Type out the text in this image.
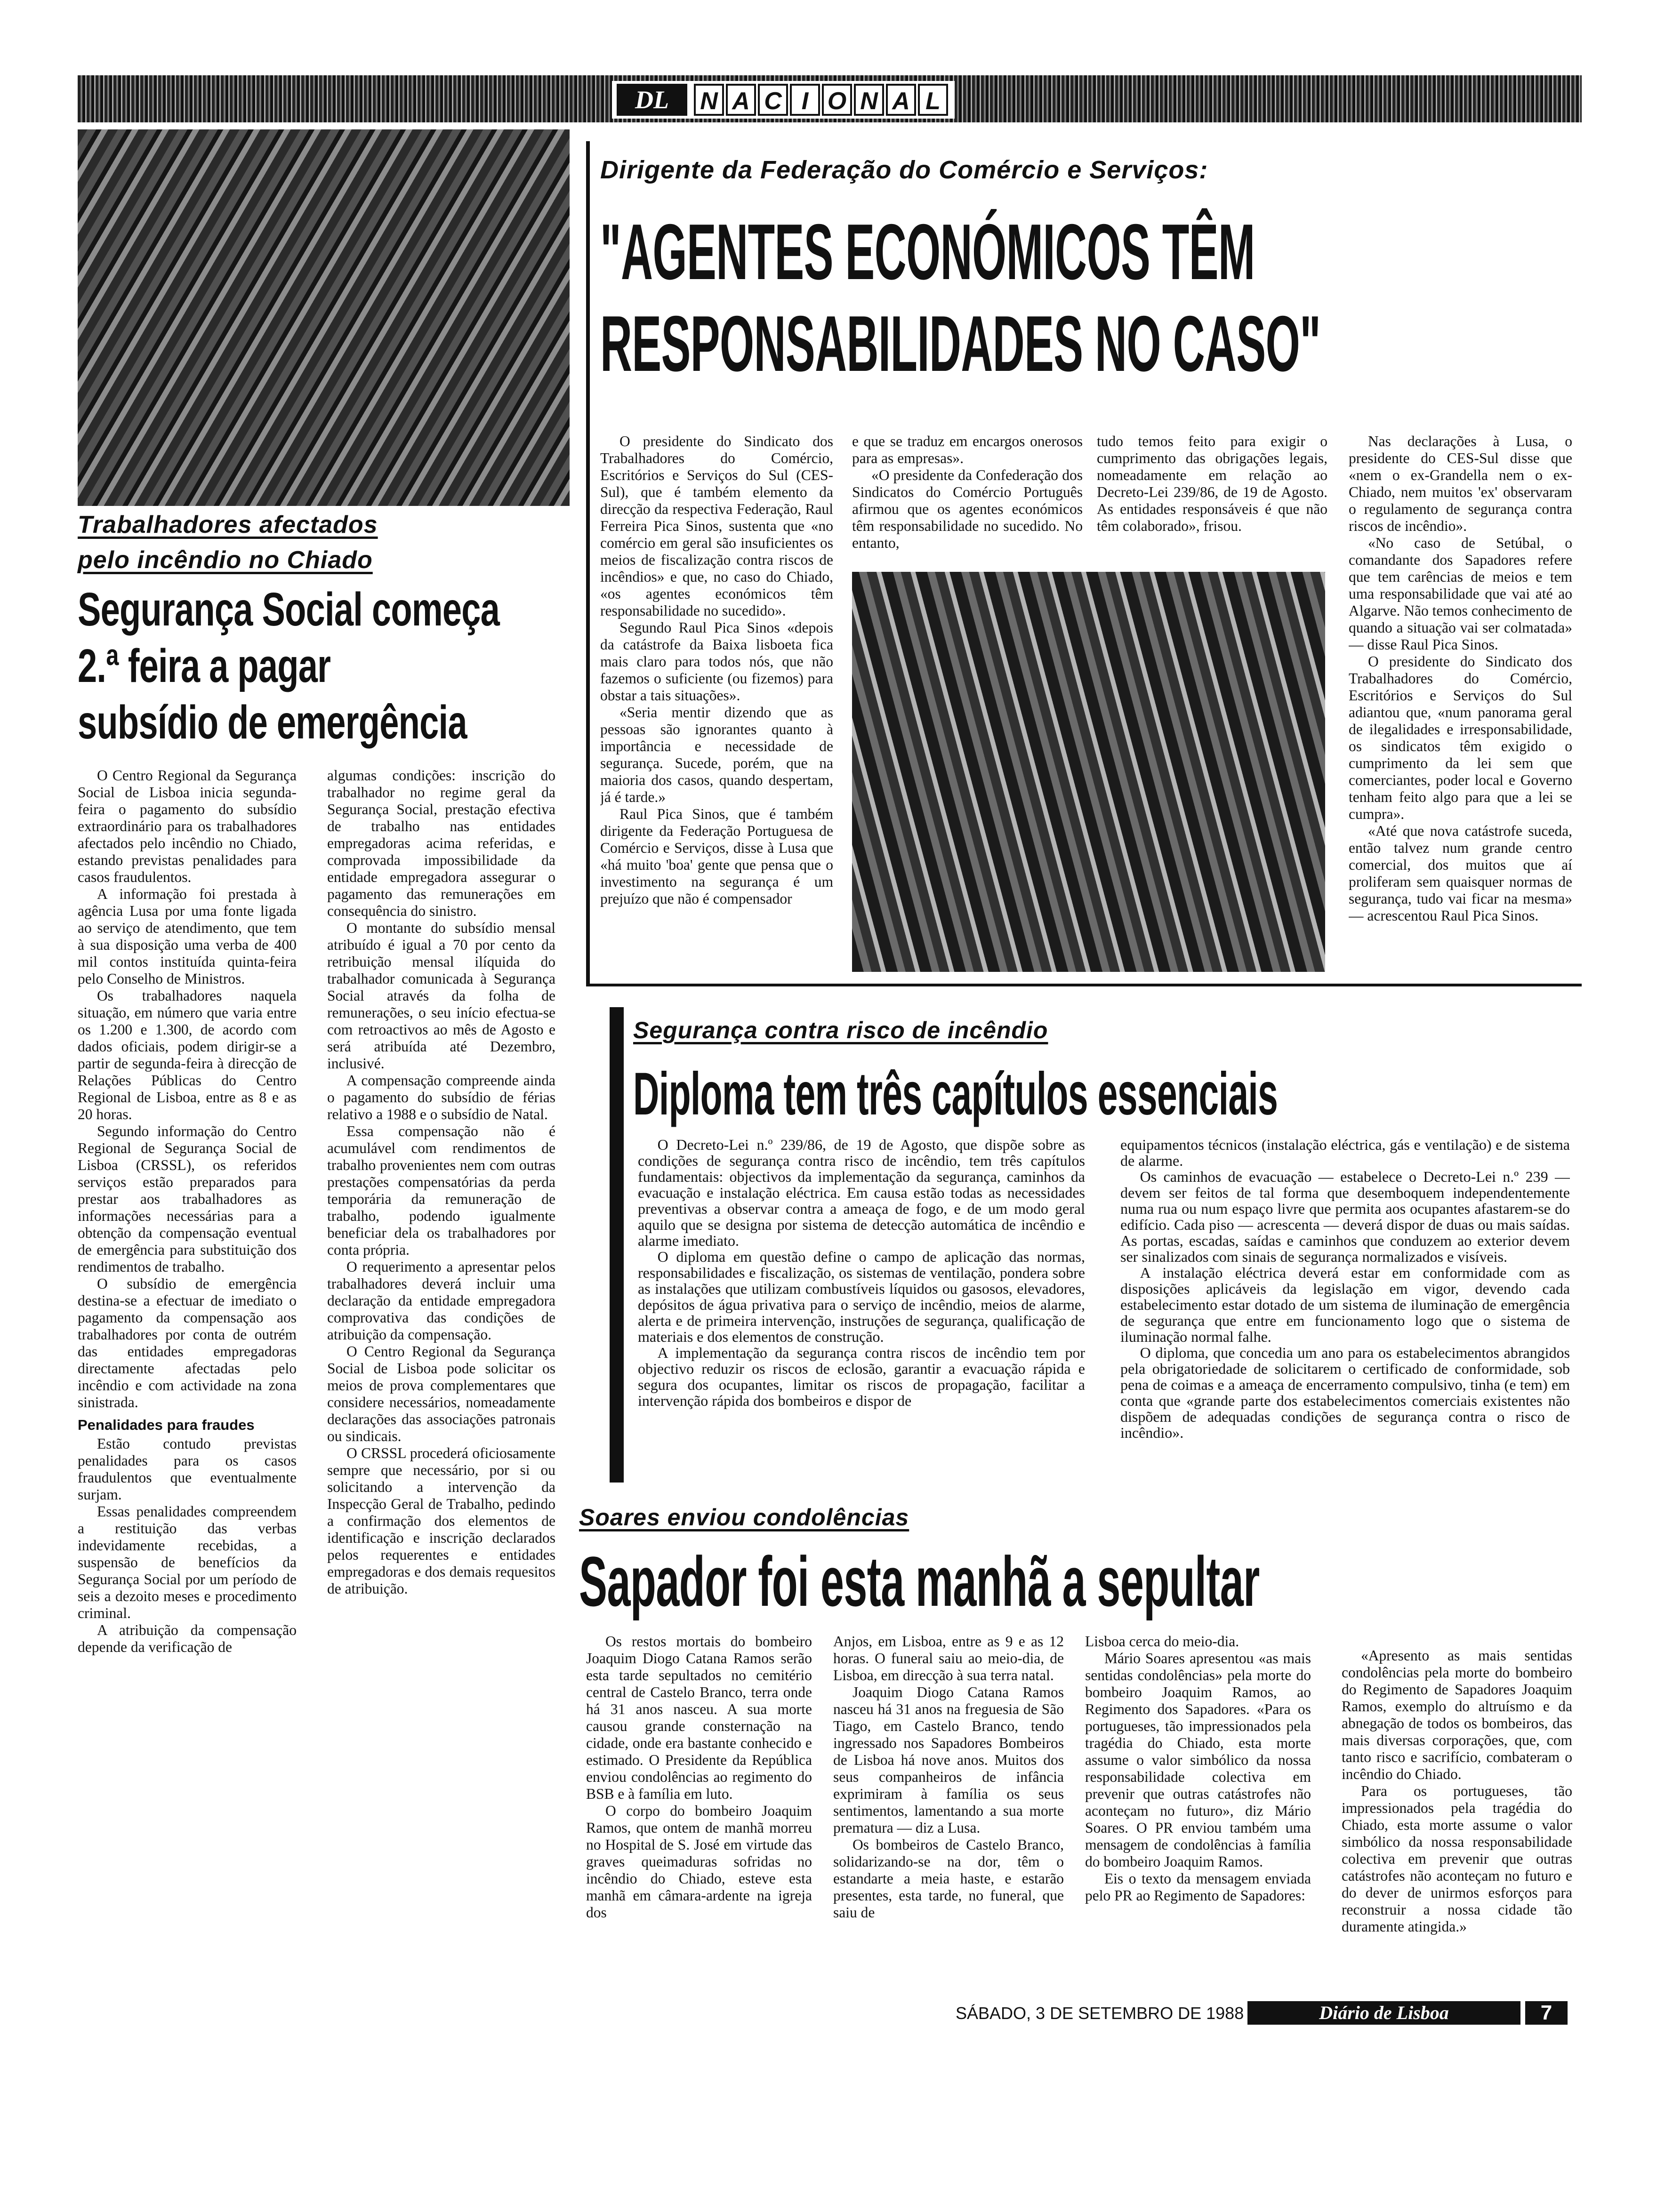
DL	N A C I O N A L
Trabalhadores afectados
pelo incêndio no Chiado
Segurança Social começa
2.ª feira a pagar
subsídio de emergência

O Centro Regional da Segurança Social de Lisboa inicia segunda-feira o pagamento do subsídio extraordinário para os trabalhadores afectados pelo incêndio no Chiado, estando previstas penalidades para casos fraudulentos.

A informação foi prestada à agência Lusa por uma fonte ligada ao serviço de atendimento, que tem à sua disposição uma verba de 400 mil contos instituída quinta-feira pelo Conselho de Ministros.

Os trabalhadores naquela situação, em número que varia entre os 1.200 e 1.300, de acordo com dados oficiais, podem dirigir-se a partir de segunda-feira à direcção de Relações Públicas do Centro Regional de Lisboa, entre as 8 e as 20 horas.

Segundo informação do Centro Regional de Segurança Social de Lisboa (CRSSL), os referidos serviços estão preparados para prestar aos trabalhadores as informações necessárias para a obtenção da compensação eventual de emergência para substituição dos rendimentos de trabalho.

O subsídio de emergência destina-se a efectuar de imediato o pagamento da compensação aos trabalhadores por conta de outrém das entidades empregadoras directamente afectadas pelo incêndio e com actividade na zona sinistrada.

Penalidades para fraudes

Estão contudo previstas penalidades para os casos fraudulentos que eventualmente surjam.

Essas penalidades compreendem a restituição das verbas indevidamente recebidas, a suspensão de benefícios da Segurança Social por um período de seis a dezoito meses e procedimento criminal.

A atribuição da compensação depende da verificação de

algumas condições: inscrição do trabalhador no regime geral da Segurança Social, prestação efectiva de trabalho nas entidades empregadoras acima referidas, e comprovada impossibilidade da entidade empregadora assegurar o pagamento das remunerações em consequência do sinistro.

O montante do subsídio mensal atribuído é igual a 70 por cento da retribuição mensal ilíquida do trabalhador comunicada à Segurança Social através da folha de remunerações, o seu início efectua-se com retroactivos ao mês de Agosto e será atribuída até Dezembro, inclusivé.

A compensação compreende ainda o pagamento do subsídio de férias relativo a 1988 e o subsídio de Natal.

Essa compensação não é acumulável com rendimentos de trabalho provenientes nem com outras prestações compensatórias da perda temporária da remuneração de trabalho, podendo igualmente beneficiar dela os trabalhadores por conta própria.

O requerimento a apresentar pelos trabalhadores deverá incluir uma declaração da entidade empregadora comprovativa das condições de atribuição da compensação.

O Centro Regional da Segurança Social de Lisboa pode solicitar os meios de prova complementares que considere necessários, nomeadamente declarações das associações patronais ou sindicais.

O CRSSL procederá oficiosamente sempre que necessário, por si ou solicitando a intervenção da Inspecção Geral de Trabalho, pedindo a confirmação dos elementos de identificação e inscrição declarados pelos requerentes e entidades empregadoras e dos demais requesitos de atribuição.

Dirigente da Federação do Comércio e Serviços:
"AGENTES ECONÓMICOS TÊM
RESPONSABILIDADES NO CASO"

O presidente do Sindicato dos Trabalhadores do Comércio, Escritórios e Serviços do Sul (CES-Sul), que é também elemento da direcção da respectiva Federação, Raul Ferreira Pica Sinos, sustenta que «no comércio em geral são insuficientes os meios de fiscalização contra riscos de incêndios» e que, no caso do Chiado, «os agentes económicos têm responsabilidade no sucedido».

Segundo Raul Pica Sinos «depois da catástrofe da Baixa lisboeta fica mais claro para todos nós, que não fazemos o suficiente (ou fizemos) para obstar a tais situações».

«Seria mentir dizendo que as pessoas são ignorantes quanto à importância e necessidade de segurança. Sucede, porém, que na maioria dos casos, quando despertam, já é tarde.»

Raul Pica Sinos, que é também dirigente da Federação Portuguesa de Comércio e Serviços, disse à Lusa que «há muito 'boa' gente que pensa que o investimento na segurança é um prejuízo que não é compensador

e que se traduz em encargos onerosos para as empresas».

«O presidente da Confederação dos Sindicatos do Comércio Português afirmou que os agentes económicos têm responsabilidade no sucedido. No entanto,

tudo temos feito para exigir o cumprimento das obrigações legais, nomeadamente em relação ao Decreto-Lei 239/86, de 19 de Agosto. As entidades responsáveis é que não têm colaborado», frisou.

Nas declarações à Lusa, o presidente do CES-Sul disse que «nem o ex-Grandella nem o ex-Chiado, nem muitos 'ex' observaram o regulamento de segurança contra riscos de incêndio».

«No caso de Setúbal, o comandante dos Sapadores refere que tem carências de meios e tem uma responsabilidade que vai até ao Algarve. Não temos conhecimento de quando a situação vai ser colmatada» — disse Raul Pica Sinos.

O presidente do Sindicato dos Trabalhadores do Comércio, Escritórios e Serviços do Sul adiantou que, «num panorama geral de ilegalidades e irresponsabilidade, os sindicatos têm exigido o cumprimento da lei sem que comerciantes, poder local e Governo tenham feito algo para que a lei se cumpra».

«Até que nova catástrofe suceda, então talvez num grande centro comercial, dos muitos que aí proliferam sem quaisquer normas de segurança, tudo vai ficar na mesma» — acrescentou Raul Pica Sinos.

Segurança contra risco de incêndio
Diploma tem três capítulos essenciais

O Decreto-Lei n.º 239/86, de 19 de Agosto, que dispõe sobre as condições de segurança contra risco de incêndio, tem três capítulos fundamentais: objectivos da implementação da segurança, caminhos da evacuação e instalação eléctrica. Em causa estão todas as necessidades preventivas a observar contra a ameaça de fogo, e de um modo geral aquilo que se designa por sistema de detecção automática de incêndio e alarme imediato.

O diploma em questão define o campo de aplicação das normas, responsabilidades e fiscalização, os sistemas de ventilação, pondera sobre as instalações que utilizam combustíveis líquidos ou gasosos, elevadores, depósitos de água privativa para o serviço de incêndio, meios de alarme, alerta e de primeira intervenção, instruções de segurança, qualificação de materiais e dos elementos de construção.

A implementação da segurança contra riscos de incêndio tem por objectivo reduzir os riscos de eclosão, garantir a evacuação rápida e segura dos ocupantes, limitar os riscos de propagação, facilitar a intervenção rápida dos bombeiros e dispor de

equipamentos técnicos (instalação eléctrica, gás e ventilação) e de sistema de alarme.

Os caminhos de evacuação — estabelece o Decreto-Lei n.º 239 — devem ser feitos de tal forma que desemboquem independentemente numa rua ou num espaço livre que permita aos ocupantes afastarem-se do edifício. Cada piso — acrescenta — deverá dispor de duas ou mais saídas. As portas, escadas, saídas e caminhos que conduzem ao exterior devem ser sinalizados com sinais de segurança normalizados e visíveis.

A instalação eléctrica deverá estar em conformidade com as disposições aplicáveis da legislação em vigor, devendo cada estabelecimento estar dotado de um sistema de iluminação de emergência de segurança que entre em funcionamento logo que o sistema de iluminação normal falhe.

O diploma, que concedia um ano para os estabelecimentos abrangidos pela obrigatoriedade de solicitarem o certificado de conformidade, sob pena de coimas e a ameaça de encerramento compulsivo, tinha (e tem) em conta que «grande parte dos estabelecimentos comerciais existentes não dispõem de adequadas condições de segurança contra o risco de incêndio».

Soares enviou condolências
Sapador foi esta manhã a sepultar

Os restos mortais do bombeiro Joaquim Diogo Catana Ramos serão esta tarde sepultados no cemitério central de Castelo Branco, terra onde há 31 anos nasceu. A sua morte causou grande consternação na cidade, onde era bastante conhecido e estimado. O Presidente da República enviou condolências ao regimento do BSB e à família em luto.

O corpo do bombeiro Joaquim Ramos, que ontem de manhã morreu no Hospital de S. José em virtude das graves queimaduras sofridas no incêndio do Chiado, esteve esta manhã em câmara-ardente na igreja dos

Anjos, em Lisboa, entre as 9 e as 12 horas. O funeral saiu ao meio-dia, de Lisboa, em direcção à sua terra natal.

Joaquim Diogo Catana Ramos nasceu há 31 anos na freguesia de São Tiago, em Castelo Branco, tendo ingressado nos Sapadores Bombeiros de Lisboa há nove anos. Muitos dos seus companheiros de infância exprimiram à família os seus sentimentos, lamentando a sua morte prematura — diz a Lusa.

Os bombeiros de Castelo Branco, solidarizando-se na dor, têm o estandarte a meia haste, e estarão presentes, esta tarde, no funeral, que saiu de

Lisboa cerca do meio-dia.

Mário Soares apresentou «as mais sentidas condolências» pela morte do bombeiro Joaquim Ramos, ao Regimento dos Sapadores. «Para os portugueses, tão impressionados pela tragédia do Chiado, esta morte assume o valor simbólico da nossa responsabilidade colectiva em prevenir que outras catástrofes não aconteçam no futuro», diz Mário Soares. O PR enviou também uma mensagem de condolências à família do bombeiro Joaquim Ramos.

Eis o texto da mensagem enviada pelo PR ao Regimento de Sapadores:

«Apresento as mais sentidas condolências pela morte do bombeiro do Regimento de Sapadores Joaquim Ramos, exemplo do altruísmo e da abnegação de todos os bombeiros, das mais diversas corporações, que, com tanto risco e sacrifício, combateram o incêndio do Chiado.

Para os portugueses, tão impressionados pela tragédia do Chiado, esta morte assume o valor simbólico da nossa responsabilidade colectiva em prevenir que outras catástrofes não aconteçam no futuro e do dever de unirmos esforços para reconstruir a nossa cidade tão duramente atingida.»

SÁBADO, 3 DE SETEMBRO DE 1988	Diário de Lisboa	7
